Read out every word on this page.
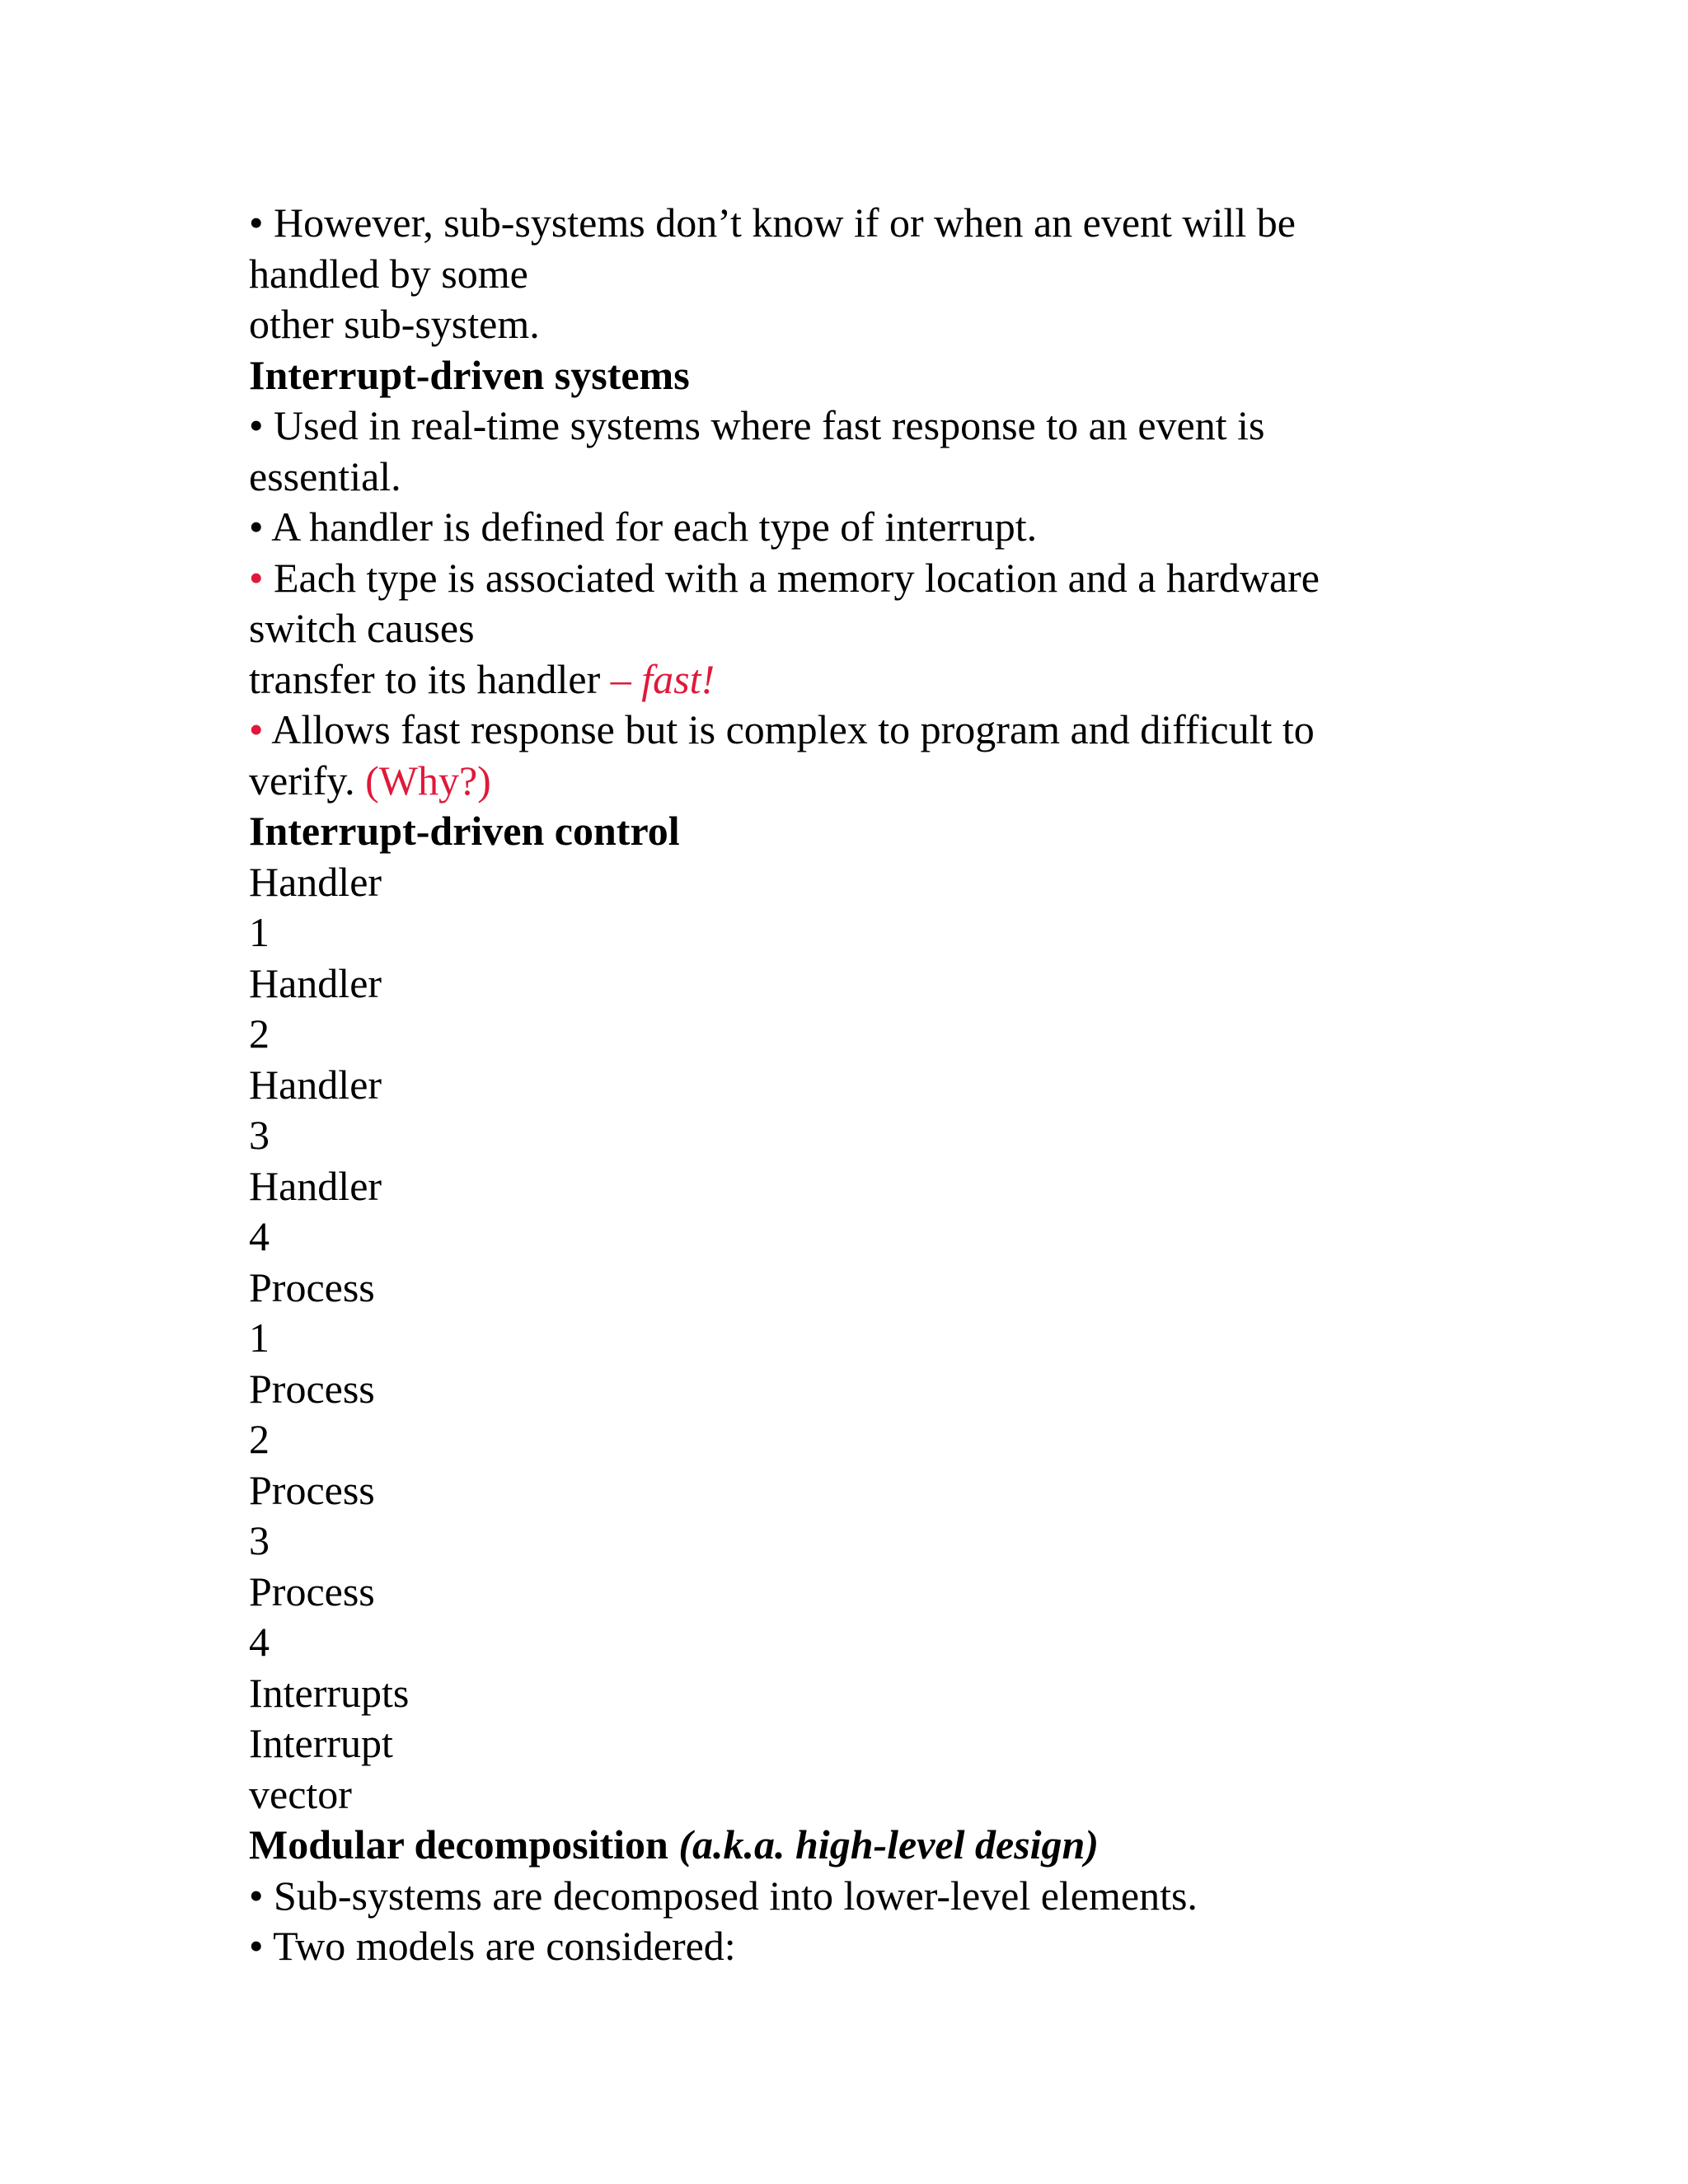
• However, sub-systems don’t know if or when an event will be
handled by some
other sub-system.
Interrupt-driven systems
• Used in real-time systems where fast response to an event is
essential.
• A handler is defined for each type of interrupt.
• Each type is associated with a memory location and a hardware
switch causes
transfer to its handler – fast!
• Allows fast response but is complex to program and difficult to
verify. (Why?)
Interrupt-driven control
Handler
1
Handler
2
Handler
3
Handler
4
Process
1
Process
2
Process
3
Process
4
Interrupts
Interrupt
vector
Modular decomposition (a.k.a. high-level design)
• Sub-systems are decomposed into lower-level elements.
• Two models are considered:
